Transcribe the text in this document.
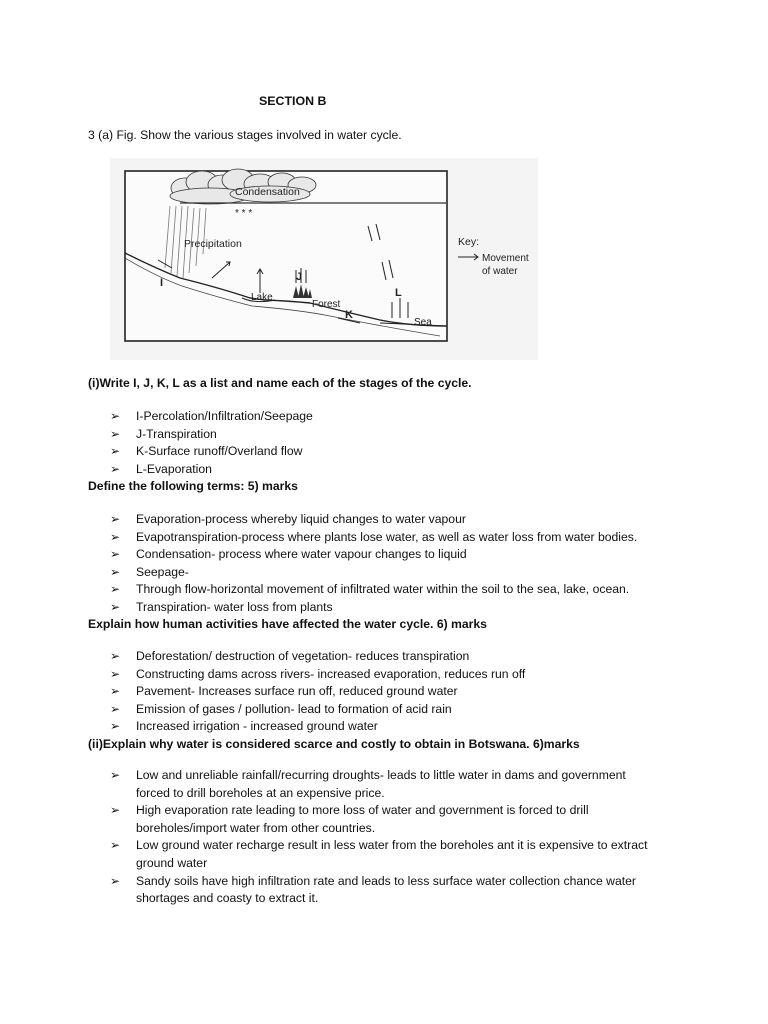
SECTION B
3 (a) Fig. Show the various stages involved in water cycle.
* * *
Condensation
Precipitation
Lake
Forest
Sea
I	J
K
L
Key:
Movement
of water
(i)Write I, J, K, L as a list and name each of the stages of the cycle.
➢ I-Percolation/Infiltration/Seepage
➢ J-Transpiration
➢ K-Surface runoff/Overland flow
➢ L-Evaporation
Define the following terms: 5) marks
➢ Evaporation-process whereby liquid changes to water vapour
➢ Evapotranspiration-process where plants lose water, as well as water loss from water bodies.
➢ Condensation- process where water vapour changes to liquid
➢ Seepage-
➢ Through flow-horizontal movement of infiltrated water within the soil to the sea, lake, ocean.
➢ Transpiration- water loss from plants
Explain how human activities have affected the water cycle. 6) marks
➢ Deforestation/ destruction of vegetation- reduces transpiration
➢ Constructing dams across rivers- increased evaporation, reduces run off
➢ Pavement- Increases surface run off, reduced ground water
➢ Emission of gases / pollution- lead to formation of acid rain
➢ Increased irrigation - increased ground water
(ii)Explain why water is considered scarce and costly to obtain in Botswana. 6)marks
➢ Low and unreliable rainfall/recurring droughts- leads to little water in dams and government
forced to drill boreholes at an expensive price.
➢ High evaporation rate leading to more loss of water and government is forced to drill
boreholes/import water from other countries.
➢ Low ground water recharge result in less water from the boreholes ant it is expensive to extract
ground water
➢ Sandy soils have high infiltration rate and leads to less surface water collection chance water
shortages and coasty to extract it.
